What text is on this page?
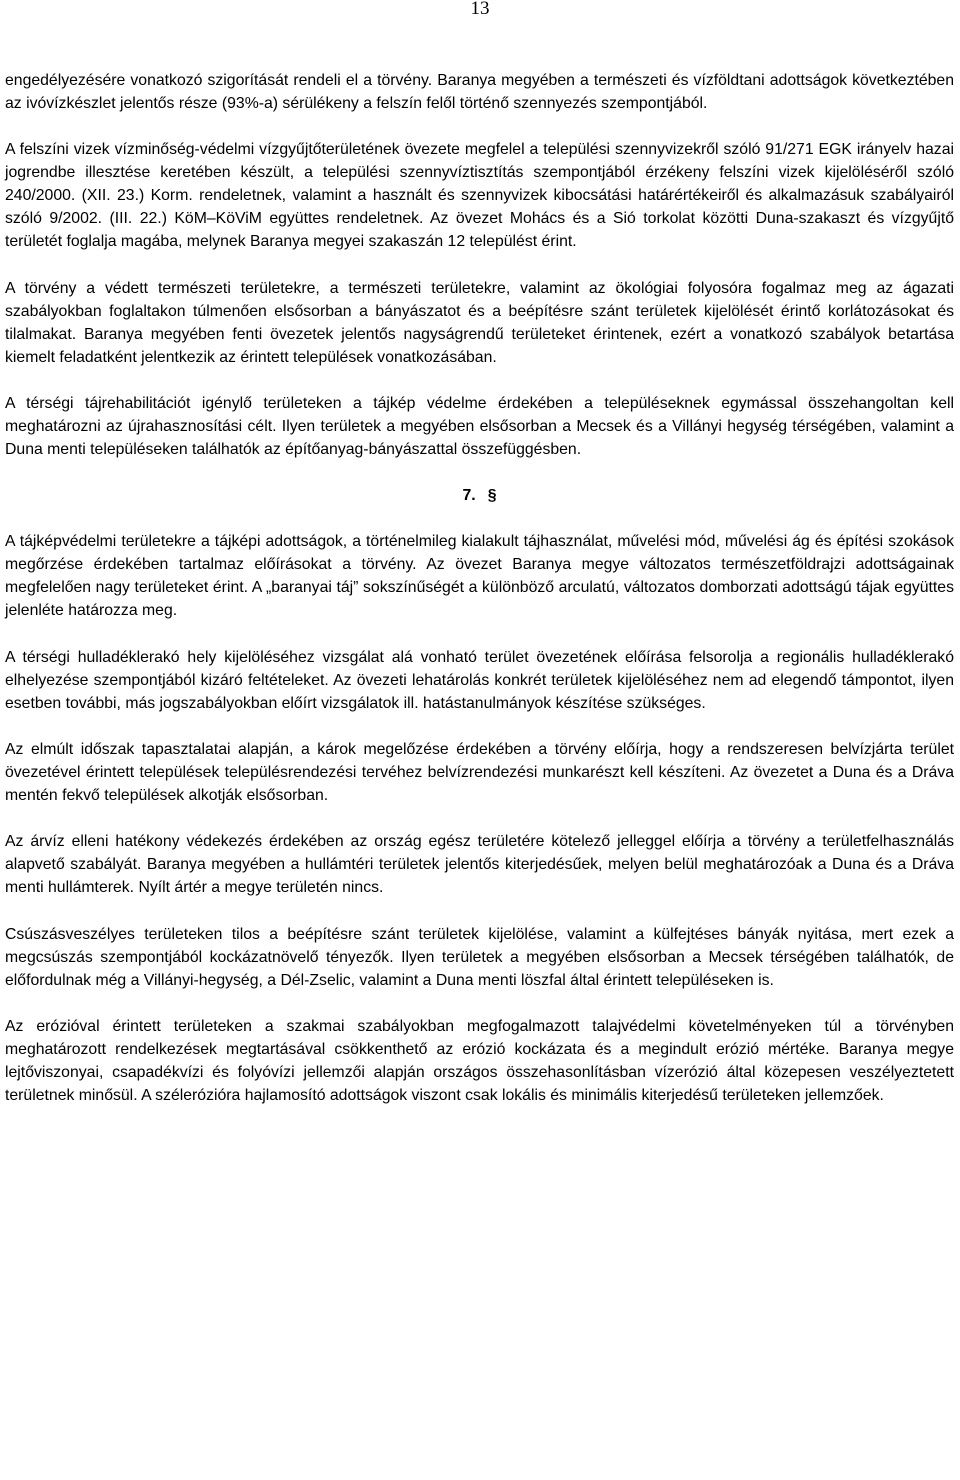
13

engedélyezésére vonatkozó szigorítását rendeli el a törvény. Baranya megyében a természeti és vízföldtani adottságok következtében az ivóvízkészlet jelentős része (93%-a) sérülékeny a felszín felől történő szennyezés szempontjából.

A felszíni vizek vízminőség-védelmi vízgyűjtőterületének övezete megfelel a települési szennyvizekről szóló 91/271 EGK irányelv hazai jogrendbe illesztése keretében készült, a települési szennyvíztisztítás szempontjából érzékeny felszíni vizek kijelöléséről szóló 240/2000. (XII. 23.) Korm. rendeletnek, valamint a használt és szennyvizek kibocsátási határértékeiről és alkalmazásuk szabályairól szóló 9/2002. (III. 22.) KöM–KöViM együttes rendeletnek. Az övezet Mohács és a Sió torkolat közötti Duna-szakaszt és vízgyűjtő területét foglalja magába, melynek Baranya megyei szakaszán 12 települést érint.

A törvény a védett természeti területekre, a természeti területekre, valamint az ökológiai folyosóra fogalmaz meg az ágazati szabályokban foglaltakon túlmenően elsősorban a bányászatot és a beépítésre szánt területek kijelölését érintő korlátozásokat és tilalmakat. Baranya megyében fenti övezetek jelentős nagyságrendű területeket érintenek, ezért a vonatkozó szabályok betartása kiemelt feladatként jelentkezik az érintett települések vonatkozásában.

A térségi tájrehabilitációt igénylő területeken a tájkép védelme érdekében a településeknek egymással összehangoltan kell meghatározni az újrahasznosítási célt. Ilyen területek a megyében elsősorban a Mecsek és a Villányi hegység térségében, valamint a Duna menti településeken találhatók az építőanyag-bányászattal összefüggésben.

7. §

A tájképvédelmi területekre a tájképi adottságok, a történelmileg kialakult tájhasználat, művelési mód, művelési ág és építési szokások megőrzése érdekében tartalmaz előírásokat a törvény. Az övezet Baranya megye változatos természetföldrajzi adottságainak megfelelően nagy területeket érint. A „baranyai táj” sokszínűségét a különböző arculatú, változatos domborzati adottságú tájak együttes jelenléte határozza meg.

A térségi hulladéklerakó hely kijelöléséhez vizsgálat alá vonható terület övezetének előírása felsorolja a regionális hulladéklerakó elhelyezése szempontjából kizáró feltételeket. Az övezeti lehatárolás konkrét területek kijelöléséhez nem ad elegendő támpontot, ilyen esetben további, más jogszabályokban előírt vizsgálatok ill. hatástanulmányok készítése szükséges.

Az elmúlt időszak tapasztalatai alapján, a károk megelőzése érdekében a törvény előírja, hogy a rendszeresen belvízjárta terület övezetével érintett települések településrendezési tervéhez belvízrendezési munkarészt kell készíteni. Az övezetet a Duna és a Dráva mentén fekvő települések alkotják elsősorban.

Az árvíz elleni hatékony védekezés érdekében az ország egész területére kötelező jelleggel előírja a törvény a területfelhasználás alapvető szabályát. Baranya megyében a hullámtéri területek jelentős kiterjedésűek, melyen belül meghatározóak a Duna és a Dráva menti hullámterek. Nyílt ártér a megye területén nincs.

Csúszásveszélyes területeken tilos a beépítésre szánt területek kijelölése, valamint a külfejtéses bányák nyitása, mert ezek a megcsúszás szempontjából kockázatnövelő tényezők. Ilyen területek a megyében elsősorban a Mecsek térségében találhatók, de előfordulnak még a Villányi-hegység, a Dél-Zselic, valamint a Duna menti löszfal által érintett településeken is.

Az erózióval érintett területeken a szakmai szabályokban megfogalmazott talajvédelmi követelményeken túl a törvényben meghatározott rendelkezések megtartásával csökkenthető az erózió kockázata és a megindult erózió mértéke. Baranya megye lejtőviszonyai, csapadékvízi és folyóvízi jellemzői alapján országos összehasonlításban vízerózió által közepesen veszélyeztetett területnek minősül. A szélerózióra hajlamosító adottságok viszont csak lokális és minimális kiterjedésű területeken jellemzőek.
